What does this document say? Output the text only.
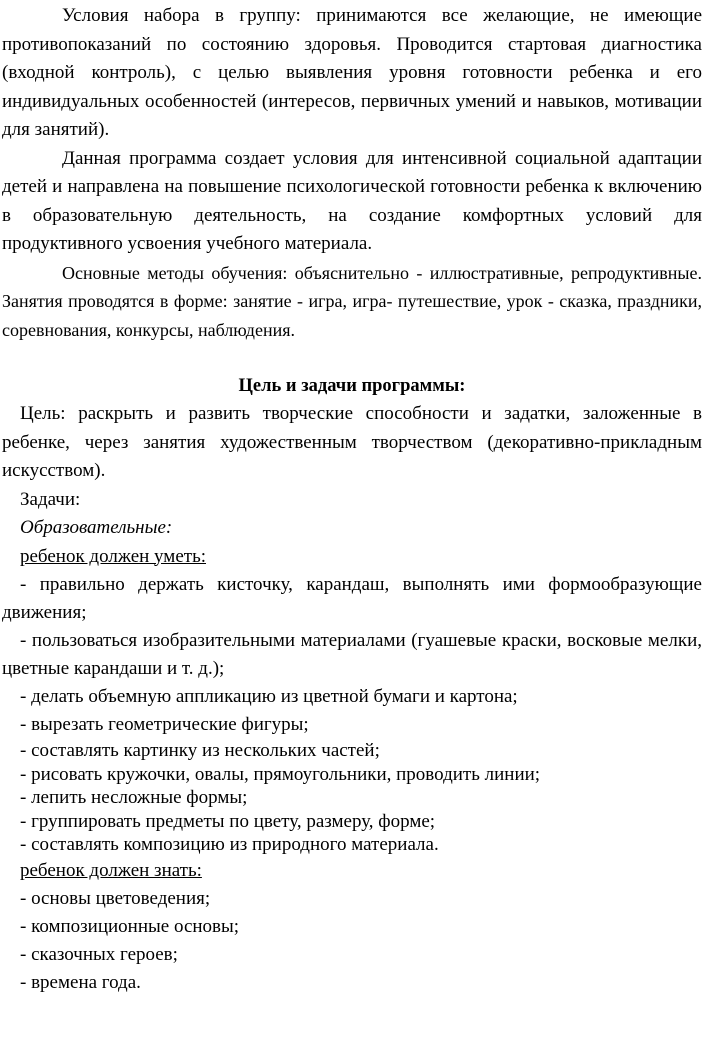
Условия набора в группу: принимаются все желающие, не имеющие противопоказаний по состоянию здоровья. Проводится стартовая диагностика (входной контроль), с целью выявления уровня готовности ребенка и его индивидуальных особенностей (интересов, первичных умений и навыков, мотивации для занятий).

Данная программа создает условия для интенсивной социальной адаптации детей и направлена на повышение психологической готовности ребенка к включению в образовательную деятельность, на создание комфортных условий для продуктивного усвоения учебного материала.

Основные методы обучения: объяснительно - иллюстративные, репродуктивные. Занятия проводятся в форме: занятие - игра, игра- путешествие, урок - сказка, праздники, соревнования, конкурсы, наблюдения.

Цель и задачи программы:

Цель: раскрыть и развить творческие способности и задатки, заложенные в ребенке, через занятия художественным творчеством (декоративно-прикладным искусством).

Задачи:

Образовательные:

ребенок должен уметь:

- правильно держать кисточку, карандаш, выполнять ими формообразующие движения;

- пользоваться изобразительными материалами (гуашевые краски, восковые мелки, цветные карандаши и т. д.);

- делать объемную аппликацию из цветной бумаги и картона;

- вырезать геометрические фигуры;

- составлять картинку из нескольких частей;

- рисовать кружочки, овалы, прямоугольники, проводить линии;

- лепить несложные формы;

- группировать предметы по цвету, размеру, форме;

- составлять композицию из природного материала.

ребенок должен знать:

- основы цветоведения;

- композиционные основы;

- сказочных героев;

- времена года.
